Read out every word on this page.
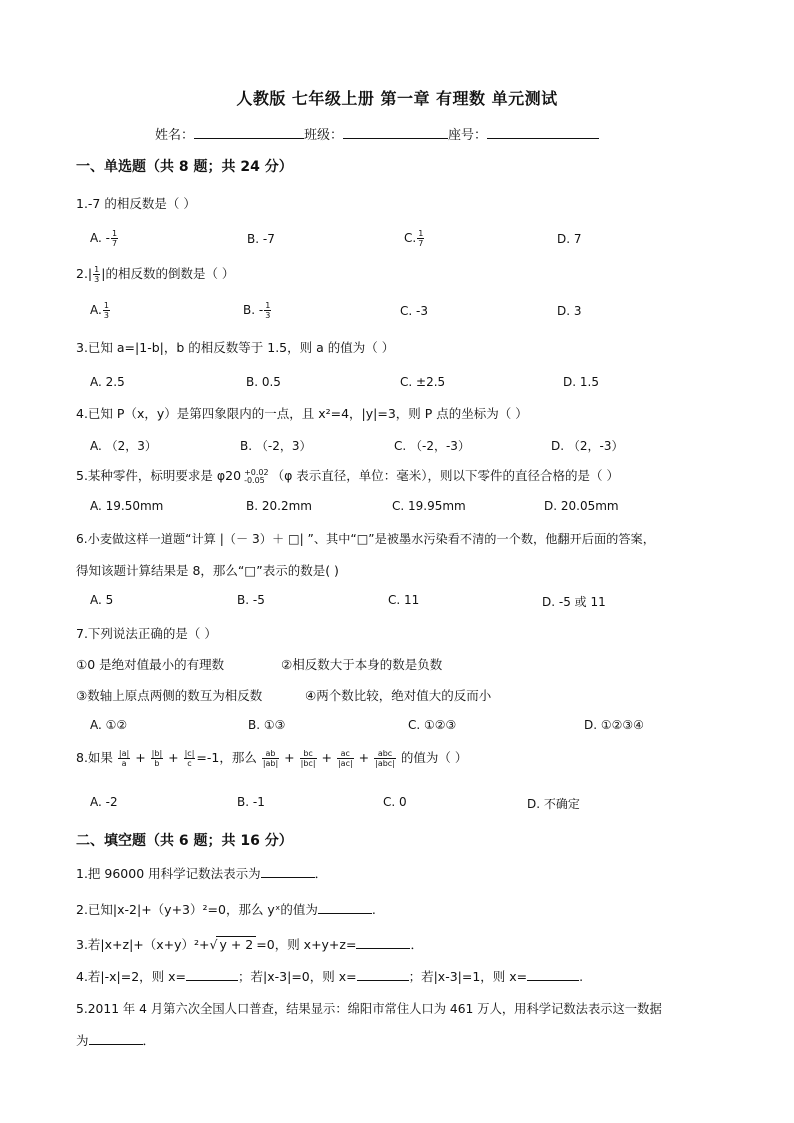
人教版 七年级上册 第一章 有理数 单元测试
姓名：	班级：	座号：
一、单选题（共 8 题；共 24 分）
1.-7 的相反数是（ ）
A. - $\frac{1}{7}$	B. -7	C. $\frac{1}{7}$	D. 7
$2.| \frac{1}{3}$ |的相反数的倒数是（ ）
A. $\frac{1}{3}$	B. - $\frac{1}{3}$	C. -3	D. 3
3.已知 a=|1-b|，b 的相反数等于 1.5，则 a 的值为（ ）
A. 2.5	B. 0.5	C. ±2.5	D. 1.5
4.已知 P（x，y）是第四象限内的一点，且 x²=4，|y|=3，则 P 点的坐标为（ ）
A. （2，3）	B. （-2，3）	C. （-2，-3）	D. （2，-3）
5.某种零件，标明要求是 φ20 +0.02
-0.05 （φ 表示直径，单位：毫米），则以下零件的直径合格的是（ ）
A. 19.50mm	B. 20.2mm	C. 19.95mm	D. 20.05mm
6.小麦做这样一道题“计算 |（－ 3）＋ □| ”、其中“□”是被墨水污染看不清的一个数，他翻开后面的答案，
得知该题计算结果是 8，那么“□”表示的数是( )
A. 5	B. -5	C. 11	D. -5 或 11
7.下列说法正确的是（ ）
①0 是绝对值最小的有理数	②相反数大于本身的数是负数
③数轴上原点两侧的数互为相反数	④两个数比较，绝对值大的反而小
A. ①②	B. ①③	C. ①②③	D. ①②③④
8.如果 $\frac{|a|}{a} + \frac{|b|}{b} + \frac{|c|}{c} =-1$，那么 $\frac{ab}{|ab|} + \frac{bc}{|bc|} + \frac{ac}{|ac|} + \frac{\text{abc}}{\text{|abc|}}$ 的值为（ ）
A. -2	B. -1	C. 0	D. 不确定
二、填空题（共 6 题；共 16 分）
1.把 96000 用科学记数法表示为	．
2.已知|x-2|+（y+3）²=0，那么 yˣ的值为	.
3.若|x+z|+（x+y）²+√ y + 2 =0，则 x+y+z=	．
4.若|-x|=2，则 x=	；若|x-3|=0，则 x=	；若|x-3|=1，则 x=	.
5.2011 年 4 月第六次全国人口普查，结果显示：绵阳市常住人口为 461 万人，用科学记数法表示这一数据
为	．
